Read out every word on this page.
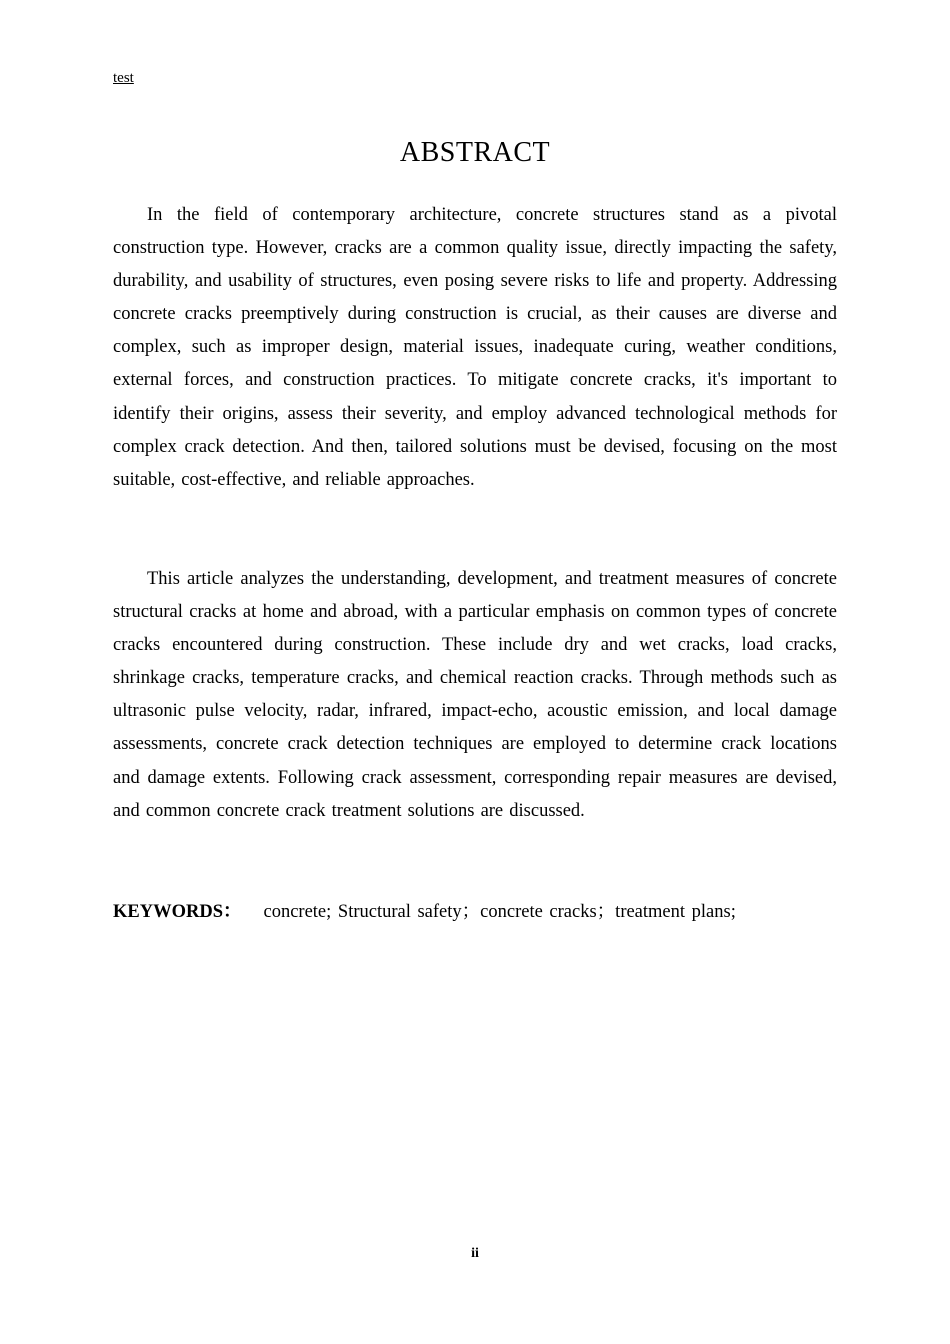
test
ABSTRACT

In the field of contemporary architecture, concrete structures stand as a pivotal construction type. However, cracks are a common quality issue, directly impacting the safety, durability, and usability of structures, even posing severe risks to life and property. Addressing concrete cracks preemptively during construction is crucial, as their causes are diverse and complex, such as improper design, material issues, inadequate curing, weather conditions, external forces, and construction practices. To mitigate concrete cracks, it's important to identify their origins, assess their severity, and employ advanced technological methods for complex crack detection. And then, tailored solutions must be devised, focusing on the most suitable, cost-effective, and reliable approaches.

This article analyzes the understanding, development, and treatment measures of concrete structural cracks at home and abroad, with a particular emphasis on common types of concrete cracks encountered during construction. These include dry and wet cracks, load cracks, shrinkage cracks, temperature cracks, and chemical reaction cracks. Through methods such as ultrasonic pulse velocity, radar, infrared, impact-echo, acoustic emission, and local damage assessments, concrete crack detection techniques are employed to determine crack locations and damage extents. Following crack assessment, corresponding repair measures are devised, and common concrete crack treatment solutions are discussed.

KEYWORDS： concrete; Structural safety；concrete cracks；treatment plans;

ii
